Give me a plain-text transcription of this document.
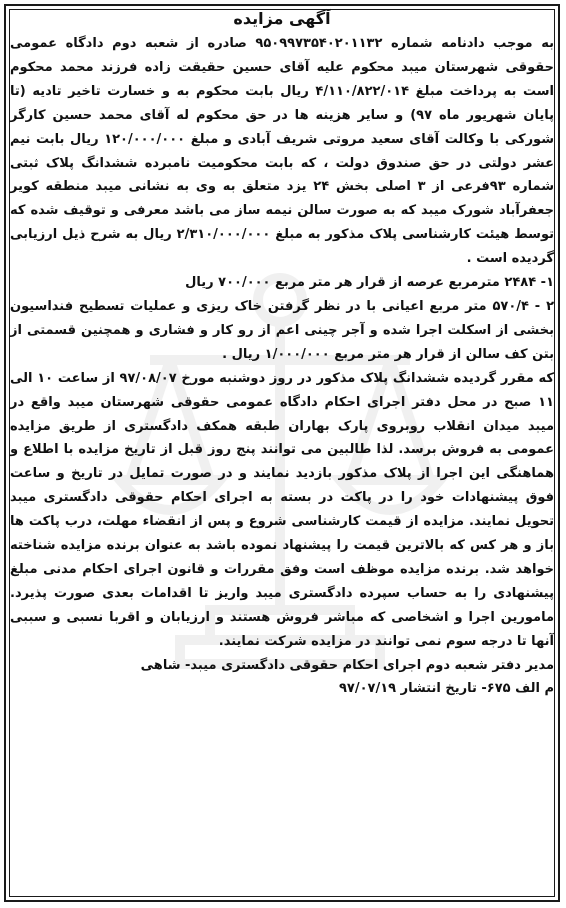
آگهی مزایده

به موجب دادنامه شماره ۹۵۰۹۹۷۳۵۴۰۲۰۱۱۳۲ صادره از شعبه دوم دادگاه عمومی حقوقی شهرستان میبد محکوم علیه آقای حسین حقیقت زاده فرزند محمد محکوم است به پرداخت مبلغ ۴/۱۱۰/۸۲۲/۰۱۴ ریال بابت محکوم به و خسارت تاخیر تادیه (تا پایان شهریور ماه ۹۷) و سایر هزینه ها در حق محکوم له آقای محمد حسین کارگر شورکی با وکالت آقای سعید مروتی شریف آبادی و مبلغ ۱۲۰/۰۰۰/۰۰۰ ریال بابت نیم عشر دولتی در حق صندوق دولت ، که بابت محکومیت نامبرده ششدانگ پلاک ثبتی شماره ۹۳فرعی از ۳ اصلی بخش ۲۴ یزد متعلق به وی به نشانی میبد منطقه کویر جعفرآباد شورک میبد که به صورت سالن نیمه ساز می باشد معرفی و توقیف شده که توسط هیئت کارشناسی پلاک مذکور به مبلغ ۲/۳۱۰/۰۰۰/۰۰۰ ریال به شرح ذیل ارزیابی گردیده است .

۱- ۲۴۸۴ مترمربع عرصه از قرار هر متر مربع ۷۰۰/۰۰۰ ریال

۲ - ۵۷۰/۴ متر مربع اعیانی با در نظر گرفتن خاک ریزی و عملیات تسطیح فنداسیون بخشی از اسکلت اجرا شده و آجر چینی اعم از رو کار و فشاری و همچنین قسمتی از بتن کف سالن از قرار هر متر مربع ۱/۰۰۰/۰۰۰ ریال .

که مقرر گردیده ششدانگ پلاک مذکور در روز دوشنبه مورخ ۹۷/۰۸/۰۷ از ساعت ۱۰ الی ۱۱ صبح در محل دفتر اجرای احکام دادگاه عمومی حقوقی شهرستان میبد واقع در میبد میدان انقلاب روبروی پارک بهاران طبقه همکف دادگستری از طریق مزایده عمومی به فروش برسد. لذا طالبین می توانند پنج روز قبل از تاریخ مزایده با اطلاع و هماهنگی این اجرا از پلاک مذکور بازدید نمایند و در صورت تمایل در تاریخ و ساعت فوق پیشنهادات خود را در پاکت در بسته به اجرای احکام حقوقی دادگستری میبد تحویل نمایند. مزایده از قیمت کارشناسی شروع و پس از انقضاء مهلت، درب پاکت ها باز و هر کس که بالاترین قیمت را پیشنهاد نموده باشد به عنوان برنده مزایده شناخته خواهد شد. برنده مزایده موظف است وفق مقررات و قانون اجرای احکام مدنی مبلغ پیشنهادی را به حساب سپرده دادگستری میبد واریز تا اقدامات بعدی صورت پذیرد. مامورین اجرا و اشخاصی که مباشر فروش هستند و ارزیابان و اقربا نسبی و سببی آنها تا درجه سوم نمی توانند در مزایده شرکت نمایند.

مدیر دفتر شعبه دوم اجرای احکام حقوقی دادگستری میبد- شاهی

م الف ۶۷۵- تاریخ انتشار ۹۷/۰۷/۱۹
